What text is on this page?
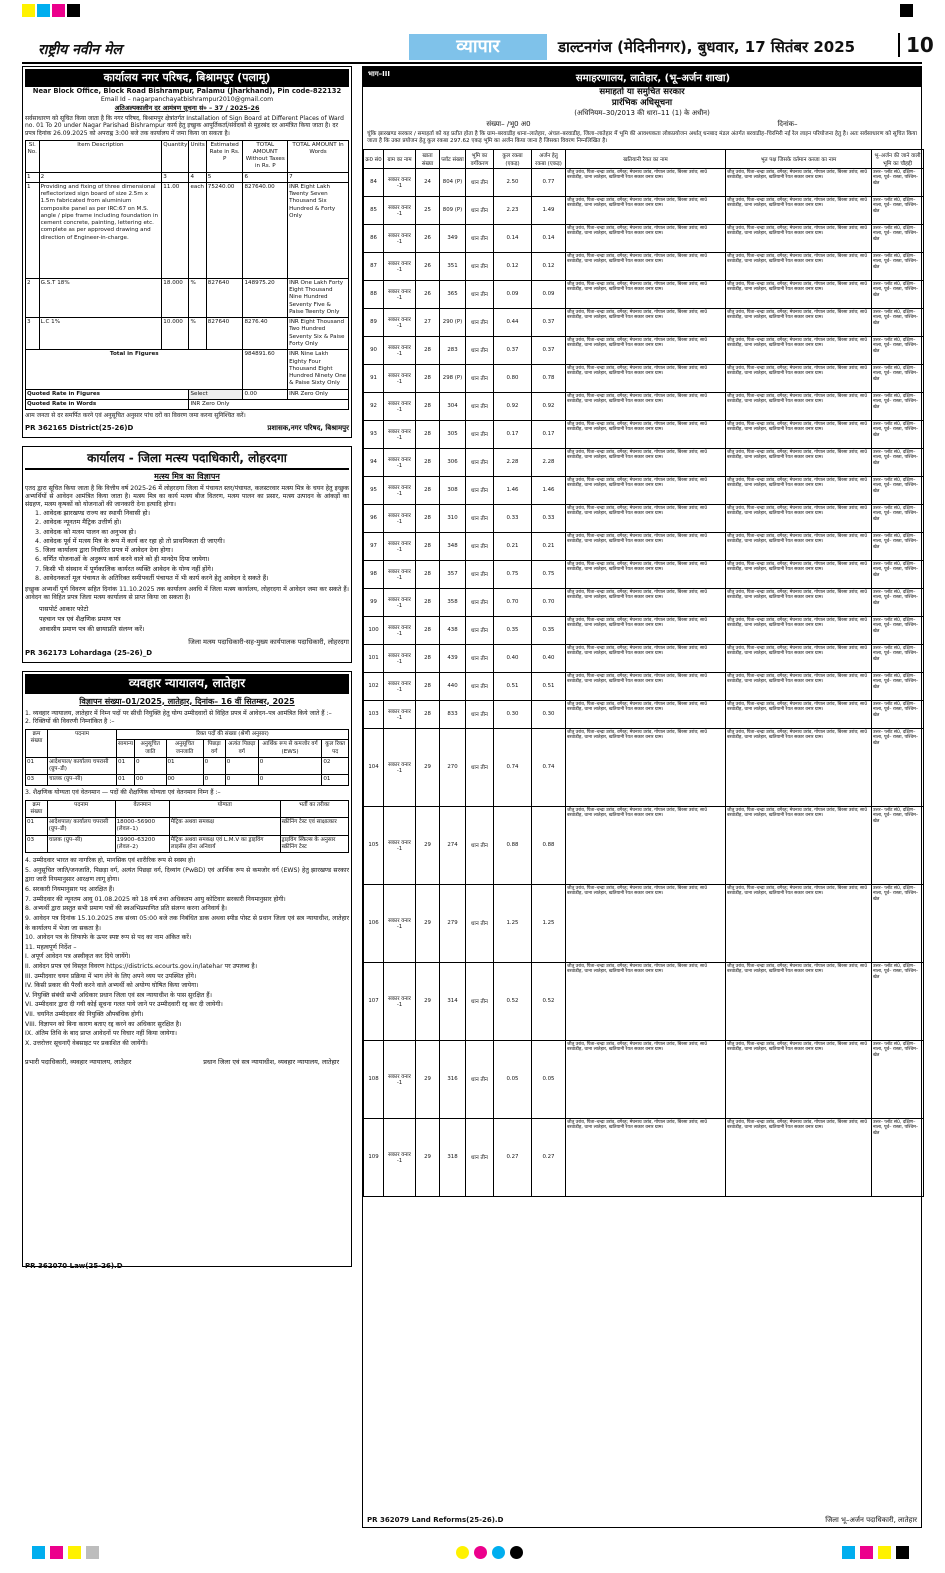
राष्ट्रीय नवीन मेल	व्यापार	डाल्टनगंज (मेदिनीनगर), बुधवार, 17 सितंबर 2025	10
कार्यालय नगर परिषद, बिश्रामपुर (पलामू)
Near Block Office, Block Road Bishrampur, Palamu (Jharkhand), Pin code-822132
Email Id – nagarpanchayatbishrampur2010@gmail.com
अतिअल्पकालीन दर आमंत्रण सूचना सं० – 37 / 2025-26
सर्वसाधारण को सूचित किया जाता है कि नगर परिषद, बिश्रामपुर क्षेत्रांतर्गत Installation of Sign Board at Different Places of Ward no. 01 To 20 under Nagar Parishad Bishrampur कार्य हेतु इच्छुक आपूर्तिकर्ता/संवेदकों से मुहरबंद दर आमंत्रित किया जाता है। दर प्रपत्र दिनांक 26.09.2025 को अपराह्न 3:00 बजे तक कार्यालय में जमा किया जा सकता है।
SI. No.	Item Description	Quantity	Units	Estimated Rate in Rs. P	TOTAL AMOUNT Without Taxes in Rs. P	TOTAL AMOUNT In Words
1	2	3	4	5	6	7
1	Providing and fixing of three dimensional reflectorized sign board of size 2.5m x 1.5m fabricated from aluminium composite panel as per IRC:67 on M.S. angle / pipe frame including foundation in cement concrete, painting, lettering etc. complete as per approved drawing and direction of Engineer-in-charge.	11.00	each	75240.00	827640.00	INR Eight Lakh Twenty Seven Thousand Six Hundred & Forty Only
2	G.S.T 18%	18.000	%	827640	148975.20	INR One Lakh Forty Eight Thousand Nine Hundred Seventy Five & Paise Twenty Only
3	L.C 1%	10.000	%	827640	8276.40	INR Eight Thousand Two Hundred Seventy Six & Paise Forty Only
Total in Figures					984891.60	INR Nine Lakh Eighty Four Thousand Eight Hundred Ninety One & Paise Sixty Only
Quoted Rate in Figures			Select		0.00	INR Zero Only
Quoted Rate in Words			INR Zero Only			
आम जनता से दर समर्पित करने एवं अनुसूचित अनुसार पांच दरों का विवरण जमा करना सुनिश्चित करें।
PR 362165 District(25-26)D	प्रशासक,नगर परिषद, बिश्रामपुर
कार्यालय - जिला मत्स्य पदाधिकारी, लोहरदगा
मत्स्य मित्र का विज्ञापन
एतद द्वारा सूचित किया जाता है कि वित्तीय वर्ष 2025-26 में लोहरदगा जिला में पंचायत स्तर/पंचायत, कलस्टरवार मत्स्य मित्र के चयन हेतु इच्छुक अभ्यर्थियों से आवेदन आमंत्रित किया जाता है। मत्स्य मित्र का कार्य मत्स्य बीज वितरण, मत्स्य पालन का प्रसार, मत्स्य उत्पादन के आंकड़ों का संग्रहण, मत्स्य कृषकों को योजनाओं की जानकारी देना इत्यादि होगा।
1. आवेदक झारखण्ड राज्य का स्थायी निवासी हो।
2. आवेदक न्यूनतम मैट्रिक उत्तीर्ण हो।
3. आवेदक को मत्स्य पालन का अनुभव हो।
4. आवेदक पूर्व में मत्स्य मित्र के रूप में कार्य कर रहा हो तो प्राथमिकता दी जाएगी।
5. जिला कार्यालय द्वारा निर्धारित प्रपत्र में आवेदन देना होगा।
6. वर्णित योजनाओं के अनुरूप कार्य करने वाले को ही मानदेय दिया जायेगा।
7. किसी भी संस्थान में पूर्णकालिक कार्यरत व्यक्ति आवेदन के योग्य नहीं होंगे।
8. आवेदनकर्ता मूल पंचायत के अतिरिक्त समीपवर्ती पंचायत में भी कार्य करने हेतु आवेदन दे सकते हैं।
इच्छुक अभ्यर्थी पूर्ण विवरण सहित दिनांक 11.10.2025 तक कार्यालय अवधि में जिला मत्स्य कार्यालय, लोहरदगा में आवेदन जमा कर सकते हैं। आवेदन का विहित प्रपत्र जिला मत्स्य कार्यालय से प्राप्त किया जा सकता है।
पासपोर्ट आकार फोटो
पहचान पत्र एवं शैक्षणिक प्रमाण पत्र
आवासीय प्रमाण पत्र की छायाप्रति संलग्न करें।
जिला मत्स्य पदाधिकारी-सह-मुख्य कार्यपालक पदाधिकारी, लोहरदगा
PR 362173 Lohardaga (25-26)_D
व्यवहार न्यायालय, लातेहार
विज्ञापन संख्या–01/2025, लातेहार, दिनांक– 16 वीं सितम्बर, 2025
1. व्यवहार न्यायालय, लातेहार में निम्न पदों पर सीधी नियुक्ति हेतु योग्य उम्मीदवारों से विहित प्रपत्र में आवेदन–पत्र आमंत्रित किये जाते हैं :–
2. रिक्तियों की विवरणी निम्नांकित है :–
क्रम संख्या	पदनाम	रिक्त पदों की संख्या (श्रेणी अनुसार)						
		सामान्य	अनुसूचित जाति	अनुसूचित जनजाति	पिछड़ा वर्ग	अत्यंत पिछड़ा वर्ग	आर्थिक रूप से कमजोर वर्ग (EWS)	कुल रिक्त पद
01	आदेशपाल/ कार्यालय चपरासी (ग्रुप–डी)	01	0	01	0	0	0	02
03	चालक (ग्रुप–सी)	01	00	00	0	0	0	01
3. शैक्षणिक योग्यता एवं वेतनमान — पदों की शैक्षणिक योग्यता एवं वेतनमान निम्न हैं :–
क्रम संख्या	पदनाम	वेतनमान	योग्यता	भर्ती का तरीका
01	आदेशपाल/ कार्यालय चपरासी (ग्रुप–डी)	18000–56900 (लेवल–1)	मैट्रिक अथवा समकक्ष	स्क्रीनिंग टेस्ट एवं साक्षात्कार
03	चालक (ग्रुप–सी)	19900–63200 (लेवल–2)	मैट्रिक अथवा समकक्ष एवं L.M.V का ड्राइविंग लाइसेंस होना अनिवार्य	ड्राइविंग स्किल्स के अनुसार स्क्रीनिंग टेस्ट
4. उम्मीदवार भारत का नागरिक हो, मानसिक एवं शारीरिक रूप से स्वस्थ हो।
5. अनुसूचित जाति/जनजाति, पिछड़ा वर्ग, अत्यंत पिछड़ा वर्ग, दिव्यांग (PwBD) एवं आर्थिक रूप से कमजोर वर्ग (EWS) हेतु झारखण्ड सरकार द्वारा जारी नियमानुसार आरक्षण लागू होगा।
6. सरकारी नियमानुसार पद आरक्षित हैं।
7. उम्मीदवार की न्यूनतम आयु 01.08.2025 को 18 वर्ष तथा अधिकतम आयु कोटिवार सरकारी नियमानुसार होगी।
8. अभ्यर्थी द्वारा प्रस्तुत सभी प्रमाण पत्रों की स्वअभिप्रमाणित प्रति संलग्न करना अनिवार्य है।
9. आवेदन पत्र दिनांक 15.10.2025 तक संध्या 05:00 बजे तक निबंधित डाक अथवा स्पीड पोस्ट से प्रधान जिला एवं सत्र न्यायाधीश, लातेहार के कार्यालय में भेजा जा सकता है।
10. आवेदन पत्र के लिफाफे के ऊपर स्पष्ट रूप से पद का नाम अंकित करें।
11. महत्वपूर्ण निर्देश –
I. अपूर्ण आवेदन पत्र अस्वीकृत कर दिये जायेंगे।
II. आवेदन प्रपत्र एवं विस्तृत विवरण https://districts.ecourts.gov.in/latehar पर उपलब्ध है।
III. उम्मीदवार चयन प्रक्रिया में भाग लेने के लिए अपने व्यय पर उपस्थित होंगे।
IV. किसी प्रकार की पैरवी करने वाले अभ्यर्थी को अयोग्य घोषित किया जायेगा।
V. नियुक्ति संबंधी सभी अधिकार प्रधान जिला एवं सत्र न्यायाधीश के पास सुरक्षित हैं।
VI. उम्मीदवार द्वारा दी गयी कोई सूचना गलत पाये जाने पर उम्मीदवारी रद्द कर दी जायेगी।
VII. चयनित उम्मीदवार की नियुक्ति औपबंधिक होगी।
VIII. विज्ञापन को बिना कारण बताए रद्द करने का अधिकार सुरक्षित है।
IX. अंतिम तिथि के बाद प्राप्त आवेदनों पर विचार नहीं किया जायेगा।
X. उत्तरोत्तर सूचनाएँ वेबसाइट पर प्रकाशित की जायेंगी।
प्रभारी पदाधिकारी, व्यवहार न्यायालय, लातेहार	प्रधान जिला एवं सत्र न्यायाधीश, व्यवहार न्यायालय, लातेहार
PR 362070 Law(25-26).D
भाग–III	समाहरणालय, लातेहार, (भू–अर्जन शाखा)
समाहर्ता या समुचित सरकार
प्रारंभिक अधिसूचना
(अधिनियम–30/2013 की धारा–11 (1) के अधीन)
संख्या– /भू0 अ0	दिनांक–
चूंकि झारखण्ड सरकार / समाहर्ता को यह प्रतीत होता है कि ग्राम–बरवाडीह थाना–लातेहार, अंचल–बरवाडीह, जिला–लातेहार में भूमि की आवश्यकता लोकप्रयोजन अर्थात् धनबाद मंडल अंतर्गत बरवाडीह–चिरमिरी नई रेल लाइन परियोजना हेतु है। अतः सर्वसाधारण को सूचित किया जाता है कि उक्त प्रयोजन हेतु कुल रकबा 297.62 एकड़ भूमि का अर्जन किया जाना है जिसका विवरण निम्नलिखित है।
क्र0 सं0	ग्राम का नाम	खाता संख्या	प्लॉट संख्या	भूमि का वर्गीकरण	कुल रकबा (एकड़)	अर्जन हेतु रकबा (एकड़)	खतियानी रैयत का नाम	भूत पक्ष जिसके वर्तमान कब्जा का नाम	भू–अर्जन की जाने वाली भूमि का चौहद्दी
84	सकार वनार -1	24	804 (P)	धान तीन	2.50	0.77	जीतू उरांव, पिता–चन्द्रा उरांव, वगैरह; मेघनाथ उरांव, गोपाल उरांव, बिरसा उरांव; सा0 बरवाडीह, थाना लातेहार, खतियानी रैयत सकार वनार ग्राम।	जीतू उरांव, पिता–चन्द्रा उरांव, वगैरह; मेघनाथ उरांव, गोपाल उरांव, बिरसा उरांव; सा0 बरवाडीह, थाना लातेहार, खतियानी रैयत सकार वनार ग्राम।	उत्तर– प्लॉट सं0, दक्षिण– नाला, पूर्व– रास्ता, पश्चिम– खेत
85	सकार वनार -1	25	809 (P)	धान तीन	2.23	1.49	जीतू उरांव, पिता–चन्द्रा उरांव, वगैरह; मेघनाथ उरांव, गोपाल उरांव, बिरसा उरांव; सा0 बरवाडीह, थाना लातेहार, खतियानी रैयत सकार वनार ग्राम।	जीतू उरांव, पिता–चन्द्रा उरांव, वगैरह; मेघनाथ उरांव, गोपाल उरांव, बिरसा उरांव; सा0 बरवाडीह, थाना लातेहार, खतियानी रैयत सकार वनार ग्राम।	उत्तर– प्लॉट सं0, दक्षिण– नाला, पूर्व– रास्ता, पश्चिम– खेत
86	सकार वनार -1	26	349	धान तीन	0.14	0.14	जीतू उरांव, पिता–चन्द्रा उरांव, वगैरह; मेघनाथ उरांव, गोपाल उरांव, बिरसा उरांव; सा0 बरवाडीह, थाना लातेहार, खतियानी रैयत सकार वनार ग्राम।	जीतू उरांव, पिता–चन्द्रा उरांव, वगैरह; मेघनाथ उरांव, गोपाल उरांव, बिरसा उरांव; सा0 बरवाडीह, थाना लातेहार, खतियानी रैयत सकार वनार ग्राम।	उत्तर– प्लॉट सं0, दक्षिण– नाला, पूर्व– रास्ता, पश्चिम– खेत
87	सकार वनार -1	26	351	धान तीन	0.12	0.12	जीतू उरांव, पिता–चन्द्रा उरांव, वगैरह; मेघनाथ उरांव, गोपाल उरांव, बिरसा उरांव; सा0 बरवाडीह, थाना लातेहार, खतियानी रैयत सकार वनार ग्राम।	जीतू उरांव, पिता–चन्द्रा उरांव, वगैरह; मेघनाथ उरांव, गोपाल उरांव, बिरसा उरांव; सा0 बरवाडीह, थाना लातेहार, खतियानी रैयत सकार वनार ग्राम।	उत्तर– प्लॉट सं0, दक्षिण– नाला, पूर्व– रास्ता, पश्चिम– खेत
88	सकार वनार -1	26	365	धान तीन	0.09	0.09	जीतू उरांव, पिता–चन्द्रा उरांव, वगैरह; मेघनाथ उरांव, गोपाल उरांव, बिरसा उरांव; सा0 बरवाडीह, थाना लातेहार, खतियानी रैयत सकार वनार ग्राम।	जीतू उरांव, पिता–चन्द्रा उरांव, वगैरह; मेघनाथ उरांव, गोपाल उरांव, बिरसा उरांव; सा0 बरवाडीह, थाना लातेहार, खतियानी रैयत सकार वनार ग्राम।	उत्तर– प्लॉट सं0, दक्षिण– नाला, पूर्व– रास्ता, पश्चिम– खेत
89	सकार वनार -1	27	290 (P)	धान तीन	0.44	0.37	जीतू उरांव, पिता–चन्द्रा उरांव, वगैरह; मेघनाथ उरांव, गोपाल उरांव, बिरसा उरांव; सा0 बरवाडीह, थाना लातेहार, खतियानी रैयत सकार वनार ग्राम।	जीतू उरांव, पिता–चन्द्रा उरांव, वगैरह; मेघनाथ उरांव, गोपाल उरांव, बिरसा उरांव; सा0 बरवाडीह, थाना लातेहार, खतियानी रैयत सकार वनार ग्राम।	उत्तर– प्लॉट सं0, दक्षिण– नाला, पूर्व– रास्ता, पश्चिम– खेत
90	सकार वनार -1	28	283	धान तीन	0.37	0.37	जीतू उरांव, पिता–चन्द्रा उरांव, वगैरह; मेघनाथ उरांव, गोपाल उरांव, बिरसा उरांव; सा0 बरवाडीह, थाना लातेहार, खतियानी रैयत सकार वनार ग्राम।	जीतू उरांव, पिता–चन्द्रा उरांव, वगैरह; मेघनाथ उरांव, गोपाल उरांव, बिरसा उरांव; सा0 बरवाडीह, थाना लातेहार, खतियानी रैयत सकार वनार ग्राम।	उत्तर– प्लॉट सं0, दक्षिण– नाला, पूर्व– रास्ता, पश्चिम– खेत
91	सकार वनार -1	28	298 (P)	धान तीन	0.80	0.78	जीतू उरांव, पिता–चन्द्रा उरांव, वगैरह; मेघनाथ उरांव, गोपाल उरांव, बिरसा उरांव; सा0 बरवाडीह, थाना लातेहार, खतियानी रैयत सकार वनार ग्राम।	जीतू उरांव, पिता–चन्द्रा उरांव, वगैरह; मेघनाथ उरांव, गोपाल उरांव, बिरसा उरांव; सा0 बरवाडीह, थाना लातेहार, खतियानी रैयत सकार वनार ग्राम।	उत्तर– प्लॉट सं0, दक्षिण– नाला, पूर्व– रास्ता, पश्चिम– खेत
92	सकार वनार -1	28	304	धान तीन	0.92	0.92	जीतू उरांव, पिता–चन्द्रा उरांव, वगैरह; मेघनाथ उरांव, गोपाल उरांव, बिरसा उरांव; सा0 बरवाडीह, थाना लातेहार, खतियानी रैयत सकार वनार ग्राम।	जीतू उरांव, पिता–चन्द्रा उरांव, वगैरह; मेघनाथ उरांव, गोपाल उरांव, बिरसा उरांव; सा0 बरवाडीह, थाना लातेहार, खतियानी रैयत सकार वनार ग्राम।	उत्तर– प्लॉट सं0, दक्षिण– नाला, पूर्व– रास्ता, पश्चिम– खेत
93	सकार वनार -1	28	305	धान तीन	0.17	0.17	जीतू उरांव, पिता–चन्द्रा उरांव, वगैरह; मेघनाथ उरांव, गोपाल उरांव, बिरसा उरांव; सा0 बरवाडीह, थाना लातेहार, खतियानी रैयत सकार वनार ग्राम।	जीतू उरांव, पिता–चन्द्रा उरांव, वगैरह; मेघनाथ उरांव, गोपाल उरांव, बिरसा उरांव; सा0 बरवाडीह, थाना लातेहार, खतियानी रैयत सकार वनार ग्राम।	उत्तर– प्लॉट सं0, दक्षिण– नाला, पूर्व– रास्ता, पश्चिम– खेत
94	सकार वनार -1	28	306	धान तीन	2.28	2.28	जीतू उरांव, पिता–चन्द्रा उरांव, वगैरह; मेघनाथ उरांव, गोपाल उरांव, बिरसा उरांव; सा0 बरवाडीह, थाना लातेहार, खतियानी रैयत सकार वनार ग्राम।	जीतू उरांव, पिता–चन्द्रा उरांव, वगैरह; मेघनाथ उरांव, गोपाल उरांव, बिरसा उरांव; सा0 बरवाडीह, थाना लातेहार, खतियानी रैयत सकार वनार ग्राम।	उत्तर– प्लॉट सं0, दक्षिण– नाला, पूर्व– रास्ता, पश्चिम– खेत
95	सकार वनार -1	28	308	धान तीन	1.46	1.46	जीतू उरांव, पिता–चन्द्रा उरांव, वगैरह; मेघनाथ उरांव, गोपाल उरांव, बिरसा उरांव; सा0 बरवाडीह, थाना लातेहार, खतियानी रैयत सकार वनार ग्राम।	जीतू उरांव, पिता–चन्द्रा उरांव, वगैरह; मेघनाथ उरांव, गोपाल उरांव, बिरसा उरांव; सा0 बरवाडीह, थाना लातेहार, खतियानी रैयत सकार वनार ग्राम।	उत्तर– प्लॉट सं0, दक्षिण– नाला, पूर्व– रास्ता, पश्चिम– खेत
96	सकार वनार -1	28	310	धान तीन	0.33	0.33	जीतू उरांव, पिता–चन्द्रा उरांव, वगैरह; मेघनाथ उरांव, गोपाल उरांव, बिरसा उरांव; सा0 बरवाडीह, थाना लातेहार, खतियानी रैयत सकार वनार ग्राम।	जीतू उरांव, पिता–चन्द्रा उरांव, वगैरह; मेघनाथ उरांव, गोपाल उरांव, बिरसा उरांव; सा0 बरवाडीह, थाना लातेहार, खतियानी रैयत सकार वनार ग्राम।	उत्तर– प्लॉट सं0, दक्षिण– नाला, पूर्व– रास्ता, पश्चिम– खेत
97	सकार वनार -1	28	348	धान तीन	0.21	0.21	जीतू उरांव, पिता–चन्द्रा उरांव, वगैरह; मेघनाथ उरांव, गोपाल उरांव, बिरसा उरांव; सा0 बरवाडीह, थाना लातेहार, खतियानी रैयत सकार वनार ग्राम।	जीतू उरांव, पिता–चन्द्रा उरांव, वगैरह; मेघनाथ उरांव, गोपाल उरांव, बिरसा उरांव; सा0 बरवाडीह, थाना लातेहार, खतियानी रैयत सकार वनार ग्राम।	उत्तर– प्लॉट सं0, दक्षिण– नाला, पूर्व– रास्ता, पश्चिम– खेत
98	सकार वनार -1	28	357	धान तीन	0.75	0.75	जीतू उरांव, पिता–चन्द्रा उरांव, वगैरह; मेघनाथ उरांव, गोपाल उरांव, बिरसा उरांव; सा0 बरवाडीह, थाना लातेहार, खतियानी रैयत सकार वनार ग्राम।	जीतू उरांव, पिता–चन्द्रा उरांव, वगैरह; मेघनाथ उरांव, गोपाल उरांव, बिरसा उरांव; सा0 बरवाडीह, थाना लातेहार, खतियानी रैयत सकार वनार ग्राम।	उत्तर– प्लॉट सं0, दक्षिण– नाला, पूर्व– रास्ता, पश्चिम– खेत
99	सकार वनार -1	28	358	धान तीन	0.70	0.70	जीतू उरांव, पिता–चन्द्रा उरांव, वगैरह; मेघनाथ उरांव, गोपाल उरांव, बिरसा उरांव; सा0 बरवाडीह, थाना लातेहार, खतियानी रैयत सकार वनार ग्राम।	जीतू उरांव, पिता–चन्द्रा उरांव, वगैरह; मेघनाथ उरांव, गोपाल उरांव, बिरसा उरांव; सा0 बरवाडीह, थाना लातेहार, खतियानी रैयत सकार वनार ग्राम।	उत्तर– प्लॉट सं0, दक्षिण– नाला, पूर्व– रास्ता, पश्चिम– खेत
100	सकार वनार -1	28	438	धान तीन	0.35	0.35	जीतू उरांव, पिता–चन्द्रा उरांव, वगैरह; मेघनाथ उरांव, गोपाल उरांव, बिरसा उरांव; सा0 बरवाडीह, थाना लातेहार, खतियानी रैयत सकार वनार ग्राम।	जीतू उरांव, पिता–चन्द्रा उरांव, वगैरह; मेघनाथ उरांव, गोपाल उरांव, बिरसा उरांव; सा0 बरवाडीह, थाना लातेहार, खतियानी रैयत सकार वनार ग्राम।	उत्तर– प्लॉट सं0, दक्षिण– नाला, पूर्व– रास्ता, पश्चिम– खेत
101	सकार वनार -1	28	439	धान तीन	0.40	0.40	जीतू उरांव, पिता–चन्द्रा उरांव, वगैरह; मेघनाथ उरांव, गोपाल उरांव, बिरसा उरांव; सा0 बरवाडीह, थाना लातेहार, खतियानी रैयत सकार वनार ग्राम।	जीतू उरांव, पिता–चन्द्रा उरांव, वगैरह; मेघनाथ उरांव, गोपाल उरांव, बिरसा उरांव; सा0 बरवाडीह, थाना लातेहार, खतियानी रैयत सकार वनार ग्राम।	उत्तर– प्लॉट सं0, दक्षिण– नाला, पूर्व– रास्ता, पश्चिम– खेत
102	सकार वनार -1	28	440	धान तीन	0.51	0.51	जीतू उरांव, पिता–चन्द्रा उरांव, वगैरह; मेघनाथ उरांव, गोपाल उरांव, बिरसा उरांव; सा0 बरवाडीह, थाना लातेहार, खतियानी रैयत सकार वनार ग्राम।	जीतू उरांव, पिता–चन्द्रा उरांव, वगैरह; मेघनाथ उरांव, गोपाल उरांव, बिरसा उरांव; सा0 बरवाडीह, थाना लातेहार, खतियानी रैयत सकार वनार ग्राम।	उत्तर– प्लॉट सं0, दक्षिण– नाला, पूर्व– रास्ता, पश्चिम– खेत
103	सकार वनार -1	28	833	धान तीन	0.30	0.30	जीतू उरांव, पिता–चन्द्रा उरांव, वगैरह; मेघनाथ उरांव, गोपाल उरांव, बिरसा उरांव; सा0 बरवाडीह, थाना लातेहार, खतियानी रैयत सकार वनार ग्राम।	जीतू उरांव, पिता–चन्द्रा उरांव, वगैरह; मेघनाथ उरांव, गोपाल उरांव, बिरसा उरांव; सा0 बरवाडीह, थाना लातेहार, खतियानी रैयत सकार वनार ग्राम।	उत्तर– प्लॉट सं0, दक्षिण– नाला, पूर्व– रास्ता, पश्चिम– खेत
104	सकार वनार -1	29	270	धान तीन	0.74	0.74	जीतू उरांव, पिता–चन्द्रा उरांव, वगैरह; मेघनाथ उरांव, गोपाल उरांव, बिरसा उरांव; सा0 बरवाडीह, थाना लातेहार, खतियानी रैयत सकार वनार ग्राम।	जीतू उरांव, पिता–चन्द्रा उरांव, वगैरह; मेघनाथ उरांव, गोपाल उरांव, बिरसा उरांव; सा0 बरवाडीह, थाना लातेहार, खतियानी रैयत सकार वनार ग्राम।	उत्तर– प्लॉट सं0, दक्षिण– नाला, पूर्व– रास्ता, पश्चिम– खेत
105	सकार वनार -1	29	274	धान तीन	0.88	0.88	जीतू उरांव, पिता–चन्द्रा उरांव, वगैरह; मेघनाथ उरांव, गोपाल उरांव, बिरसा उरांव; सा0 बरवाडीह, थाना लातेहार, खतियानी रैयत सकार वनार ग्राम।	जीतू उरांव, पिता–चन्द्रा उरांव, वगैरह; मेघनाथ उरांव, गोपाल उरांव, बिरसा उरांव; सा0 बरवाडीह, थाना लातेहार, खतियानी रैयत सकार वनार ग्राम।	उत्तर– प्लॉट सं0, दक्षिण– नाला, पूर्व– रास्ता, पश्चिम– खेत
106	सकार वनार -1	29	279	धान तीन	1.25	1.25	जीतू उरांव, पिता–चन्द्रा उरांव, वगैरह; मेघनाथ उरांव, गोपाल उरांव, बिरसा उरांव; सा0 बरवाडीह, थाना लातेहार, खतियानी रैयत सकार वनार ग्राम।	जीतू उरांव, पिता–चन्द्रा उरांव, वगैरह; मेघनाथ उरांव, गोपाल उरांव, बिरसा उरांव; सा0 बरवाडीह, थाना लातेहार, खतियानी रैयत सकार वनार ग्राम।	उत्तर– प्लॉट सं0, दक्षिण– नाला, पूर्व– रास्ता, पश्चिम– खेत
107	सकार वनार -1	29	314	धान तीन	0.52	0.52	जीतू उरांव, पिता–चन्द्रा उरांव, वगैरह; मेघनाथ उरांव, गोपाल उरांव, बिरसा उरांव; सा0 बरवाडीह, थाना लातेहार, खतियानी रैयत सकार वनार ग्राम।	जीतू उरांव, पिता–चन्द्रा उरांव, वगैरह; मेघनाथ उरांव, गोपाल उरांव, बिरसा उरांव; सा0 बरवाडीह, थाना लातेहार, खतियानी रैयत सकार वनार ग्राम।	उत्तर– प्लॉट सं0, दक्षिण– नाला, पूर्व– रास्ता, पश्चिम– खेत
108	सकार वनार -1	29	316	धान तीन	0.05	0.05	जीतू उरांव, पिता–चन्द्रा उरांव, वगैरह; मेघनाथ उरांव, गोपाल उरांव, बिरसा उरांव; सा0 बरवाडीह, थाना लातेहार, खतियानी रैयत सकार वनार ग्राम।	जीतू उरांव, पिता–चन्द्रा उरांव, वगैरह; मेघनाथ उरांव, गोपाल उरांव, बिरसा उरांव; सा0 बरवाडीह, थाना लातेहार, खतियानी रैयत सकार वनार ग्राम।	उत्तर– प्लॉट सं0, दक्षिण– नाला, पूर्व– रास्ता, पश्चिम– खेत
109	सकार वनार -1	29	318	धान तीन	0.27	0.27	जीतू उरांव, पिता–चन्द्रा उरांव, वगैरह; मेघनाथ उरांव, गोपाल उरांव, बिरसा उरांव; सा0 बरवाडीह, थाना लातेहार, खतियानी रैयत सकार वनार ग्राम।	जीतू उरांव, पिता–चन्द्रा उरांव, वगैरह; मेघनाथ उरांव, गोपाल उरांव, बिरसा उरांव; सा0 बरवाडीह, थाना लातेहार, खतियानी रैयत सकार वनार ग्राम।	उत्तर– प्लॉट सं0, दक्षिण– नाला, पूर्व– रास्ता, पश्चिम– खेत
PR 362079 Land Reforms(25-26).D	जिला भू–अर्जन पदाधिकारी, लातेहार
